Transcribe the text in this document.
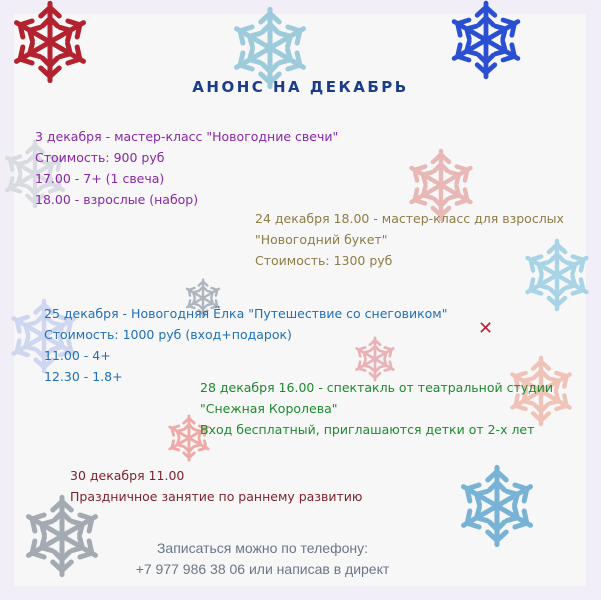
✕
АНОНС НА ДЕКАБРЬ
3 декабря - мастер-класс "Новогодние свечи"
Стоимость: 900 руб
17.00 - 7+ (1 свеча)
18.00 - взрослые (набор)
24 декабря 18.00 - мастер-класс для взрослых
"Новогодний букет"
Стоимость: 1300 руб
25 декабря - Новогодняя Ёлка "Путешествие со снеговиком"
Стоимость: 1000 руб (вход+подарок)
11.00 - 4+
12.30 - 1.8+
28 декабря 16.00 - спектакль от театральной студии
"Снежная Королева"
Вход бесплатный, приглашаются детки от 2-х лет
30 декабря 11.00
Праздничное занятие по раннему развитию
Записаться можно по телефону:
+7 977 986 38 06 или написав в директ
